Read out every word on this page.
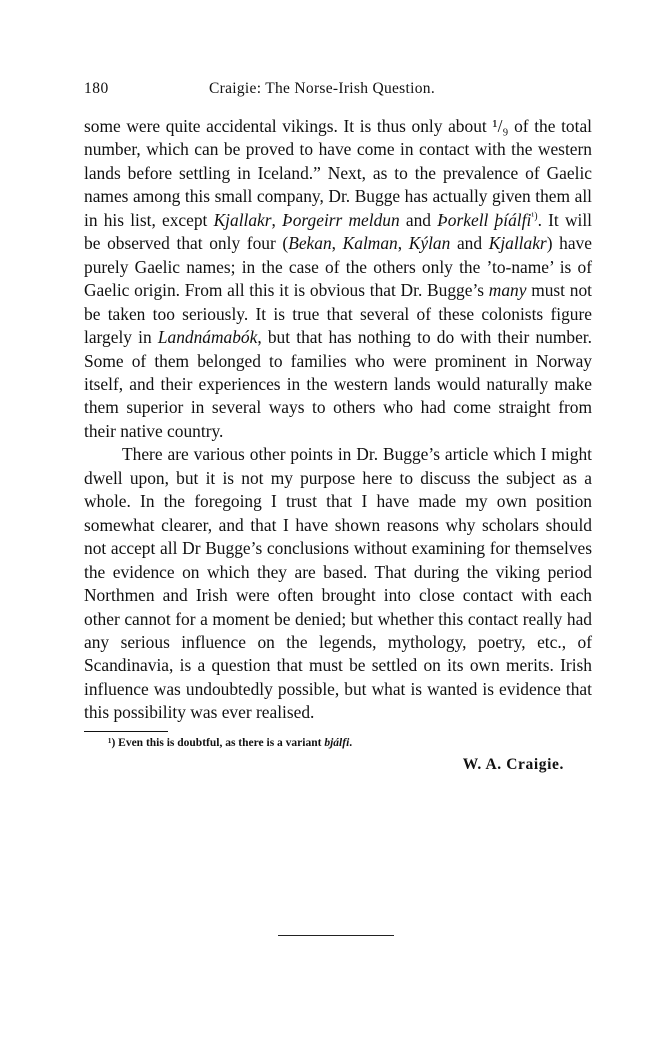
180	Craigie: The Norse-Irish Question.

some were quite accidental vikings. It is thus only about ¹/₉ of the total number, which can be proved to have come in contact with the western lands before settling in Iceland.” Next, as to the prevalence of Gaelic names among this small company, Dr. Bugge has actually given them all in his list, except Kjallakr, Þorgeirr meldun and Þorkell þíálfi$^{^1)}$. It will be observed that only four (Bekan, Kalman, Kýlan and Kjallakr) have purely Gaelic names; in the case of the others only the ’to-name’ is of Gaelic origin. From all this it is obvious that Dr. Bugge’s many must not be taken too seriously. It is true that several of these colonists figure largely in Landnámabók, but that has nothing to do with their number. Some of them belonged to families who were prominent in Norway itself, and their experiences in the western lands would naturally make them superior in several ways to others who had come straight from their native country.

There are various other points in Dr. Bugge’s article which I might dwell upon, but it is not my purpose here to discuss the subject as a whole. In the foregoing I trust that I have made my own position somewhat clearer, and that I have shown reasons why scholars should not accept all Dr Bugge’s conclusions without examining for themselves the evidence on which they are based. That during the viking period Northmen and Irish were often brought into close contact with each other cannot for a moment be denied; but whether this contact really had any serious influence on the legends, mythology, poetry, etc., of Scandinavia, is a question that must be settled on its own merits. Irish influence was undoubtedly possible, but what is wanted is evidence that this possibility was ever realised.

¹) Even this is doubtful, as there is a variant bjálfi.
W. A. Craigie.
